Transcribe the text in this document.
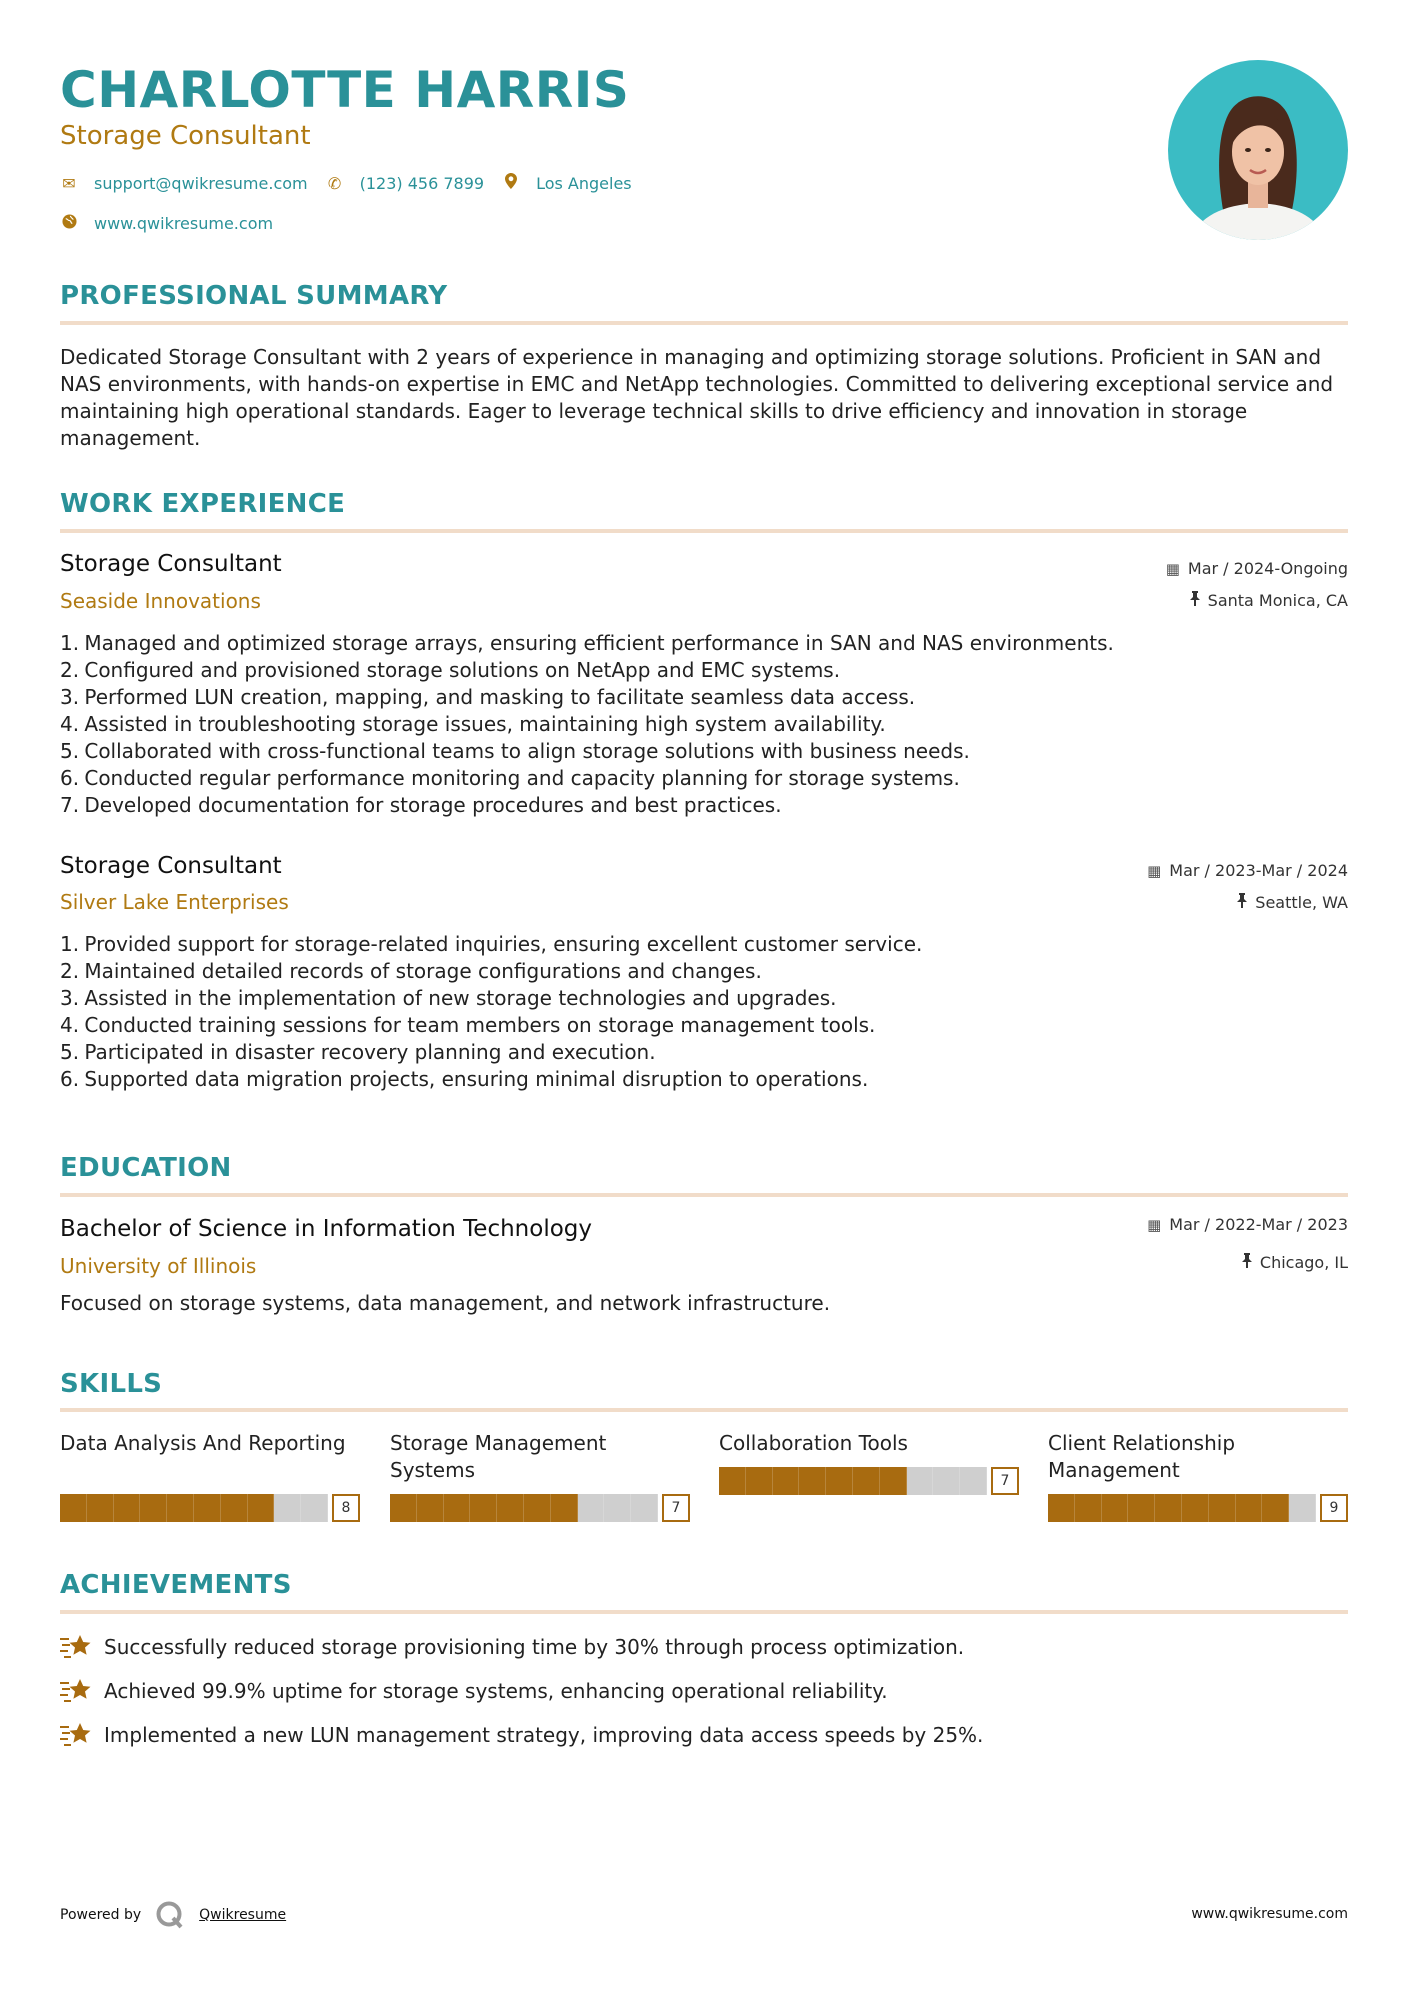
CHARLOTTE HARRIS
Storage Consultant
✉ support@qwikresume.com ✆ (123) 456 7899	Los Angeles
www.qwikresume.com
PROFESSIONAL SUMMARY

Dedicated Storage Consultant with 2 years of experience in managing and optimizing storage solutions. Proficient in SAN and NAS environments, with hands-on expertise in EMC and NetApp technologies. Committed to delivering exceptional service and maintaining high operational standards. Eager to leverage technical skills to drive efficiency and innovation in storage management.

WORK EXPERIENCE
Storage Consultant	▦ Mar / 2024-Ongoing
Seaside Innovations	Santa Monica, CA
1.
Managed and optimized storage arrays, ensuring efficient performance in SAN and NAS environments.
2.
Configured and provisioned storage solutions on NetApp and EMC systems.
3.
Performed LUN creation, mapping, and masking to facilitate seamless data access.
4.
Assisted in troubleshooting storage issues, maintaining high system availability.
5.
Collaborated with cross-functional teams to align storage solutions with business needs.
6.
Conducted regular performance monitoring and capacity planning for storage systems.
7.
Developed documentation for storage procedures and best practices.
Storage Consultant	▦ Mar / 2023-Mar / 2024
Silver Lake Enterprises	Seattle, WA
1.
Provided support for storage-related inquiries, ensuring excellent customer service.
2.
Maintained detailed records of storage configurations and changes.
3.
Assisted in the implementation of new storage technologies and upgrades.
4.
Conducted training sessions for team members on storage management tools.
5.
Participated in disaster recovery planning and execution.
6.
Supported data migration projects, ensuring minimal disruption to operations.
EDUCATION
Bachelor of Science in Information Technology	▦ Mar / 2022-Mar / 2023
University of Illinois	Chicago, IL

Focused on storage systems, data management, and network infrastructure.

SKILLS
Data Analysis And Reporting
8
Storage Management Systems
7
Collaboration Tools
7
Client Relationship Management
9
ACHIEVEMENTS
Successfully reduced storage provisioning time by 30% through process optimization.
Achieved 99.9% uptime for storage systems, enhancing operational reliability.
Implemented a new LUN management strategy, improving data access speeds by 25%.
Powered by	Qwikresume	www.qwikresume.com
